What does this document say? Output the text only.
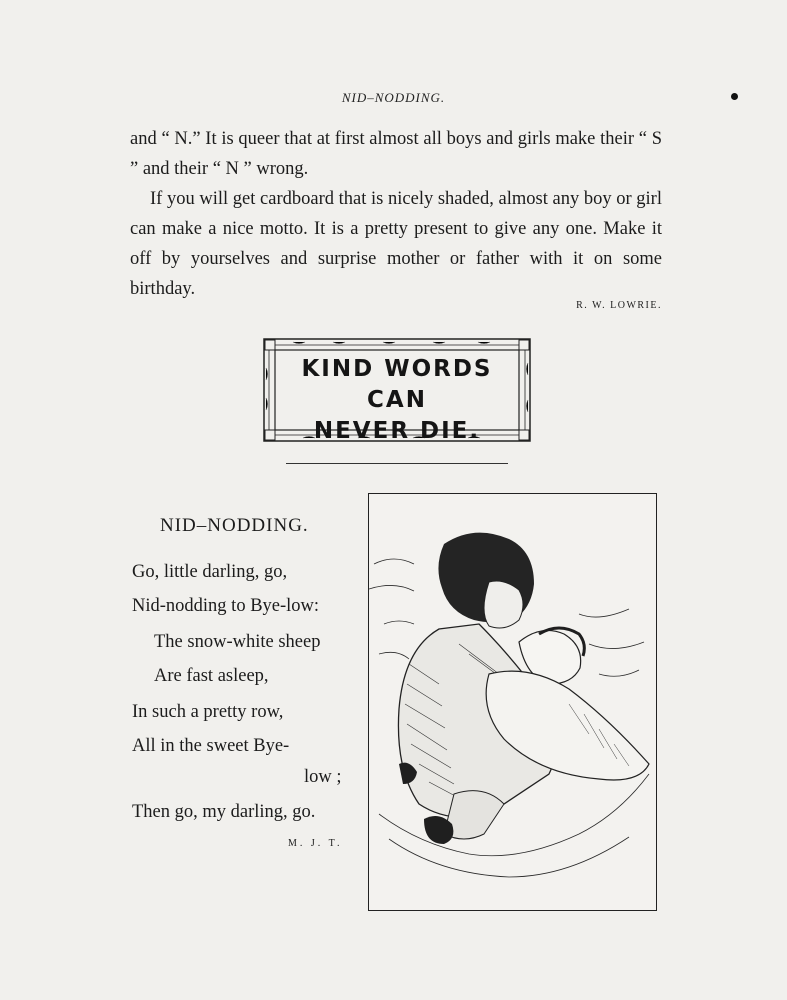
NID–NODDING.

and “ N.” It is queer that at first almost all boys and girls make their “ S ” and their “ N ” wrong.

If you will get cardboard that is nicely shaded, almost any boy or girl can make a nice motto. It is a pretty present to give any one. Make it off by yourselves and surprise mother or father with it on some birthday.

R. W. LOWRIE.
KIND WORDS CAN
NEVER DIE.
NID–NODDING.
Go, little darling, go,
Nid-nodding to Bye-low:
The snow-white sheep
Are fast asleep,
In such a pretty row,
All in the sweet Bye-
low ;
Then go, my darling, go.
M. J. T.
